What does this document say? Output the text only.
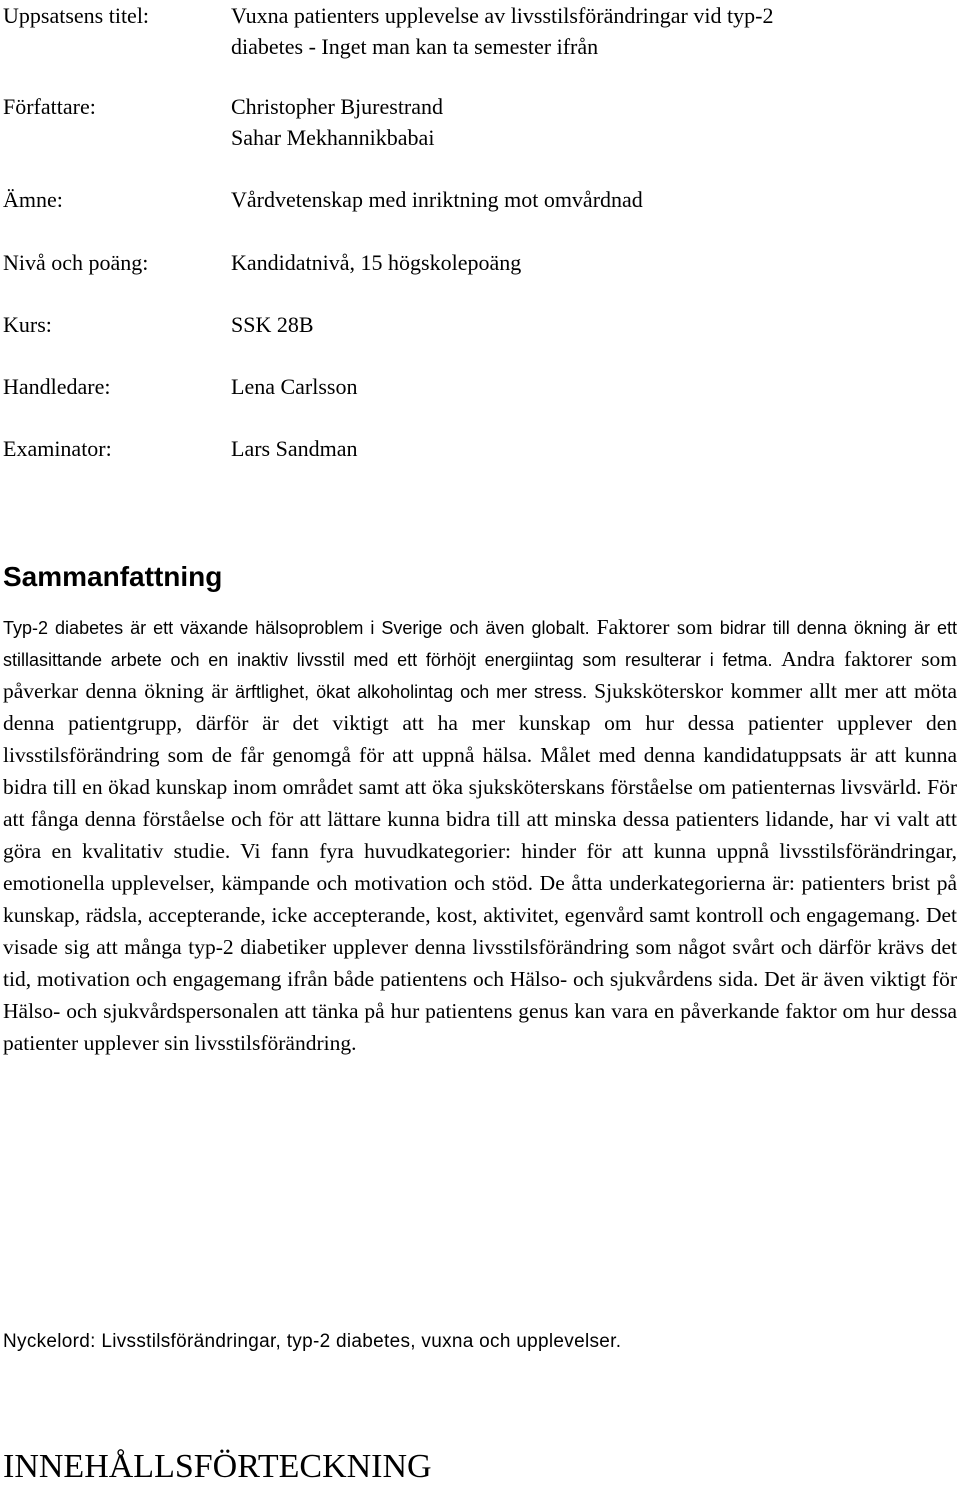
Uppsatsens titel:	Vuxna patienters upplevelse av livsstilsförändringar vid typ-2
diabetes - Inget man kan ta semester ifrån
Författare:	Christopher Bjurestrand
Sahar Mekhannikbabai
Ämne:	Vårdvetenskap med inriktning mot omvårdnad
Nivå och poäng:	Kandidatnivå, 15 högskolepoäng
Kurs:	SSK 28B
Handledare:	Lena Carlsson
Examinator:	Lars Sandman
Sammanfattning

Typ-2 diabetes är ett växande hälsoproblem i Sverige och även globalt. Faktorer som bidrar till denna ökning är ett stillasittande arbete och en inaktiv livsstil med ett förhöjt energiintag som resulterar i fetma. Andra faktorer som påverkar denna ökning är ärftlighet, ökat alkoholintag och mer stress. Sjuksköterskor kommer allt mer att möta denna patientgrupp, därför är det viktigt att ha mer kunskap om hur dessa patienter upplever den livsstilsförändring som de får genomgå för att uppnå hälsa. Målet med denna kandidatuppsats är att kunna bidra till en ökad kunskap inom området samt att öka sjuksköterskans förståelse om patienternas livsvärld. För att fånga denna förståelse och för att lättare kunna bidra till att minska dessa patienters lidande, har vi valt att göra en kvalitativ studie. Vi fann fyra huvudkategorier: hinder för att kunna uppnå livsstilsförändringar, emotionella upplevelser, kämpande och motivation och stöd. De åtta underkategorierna är: patienters brist på kunskap, rädsla, accepterande, icke accepterande, kost, aktivitet, egenvård samt kontroll och engagemang. Det visade sig att många typ-2 diabetiker upplever denna livsstilsförändring som något svårt och därför krävs det tid, motivation och engagemang ifrån både patientens och Hälso- och sjukvårdens sida. Det är även viktigt för Hälso- och sjukvårdspersonalen att tänka på hur patientens genus kan vara en påverkande faktor om hur dessa patienter upplever sin livsstilsförändring.

Nyckelord: Livsstilsförändringar, typ-2 diabetes, vuxna och upplevelser.

INNEHÅLLSFÖRTECKNING
